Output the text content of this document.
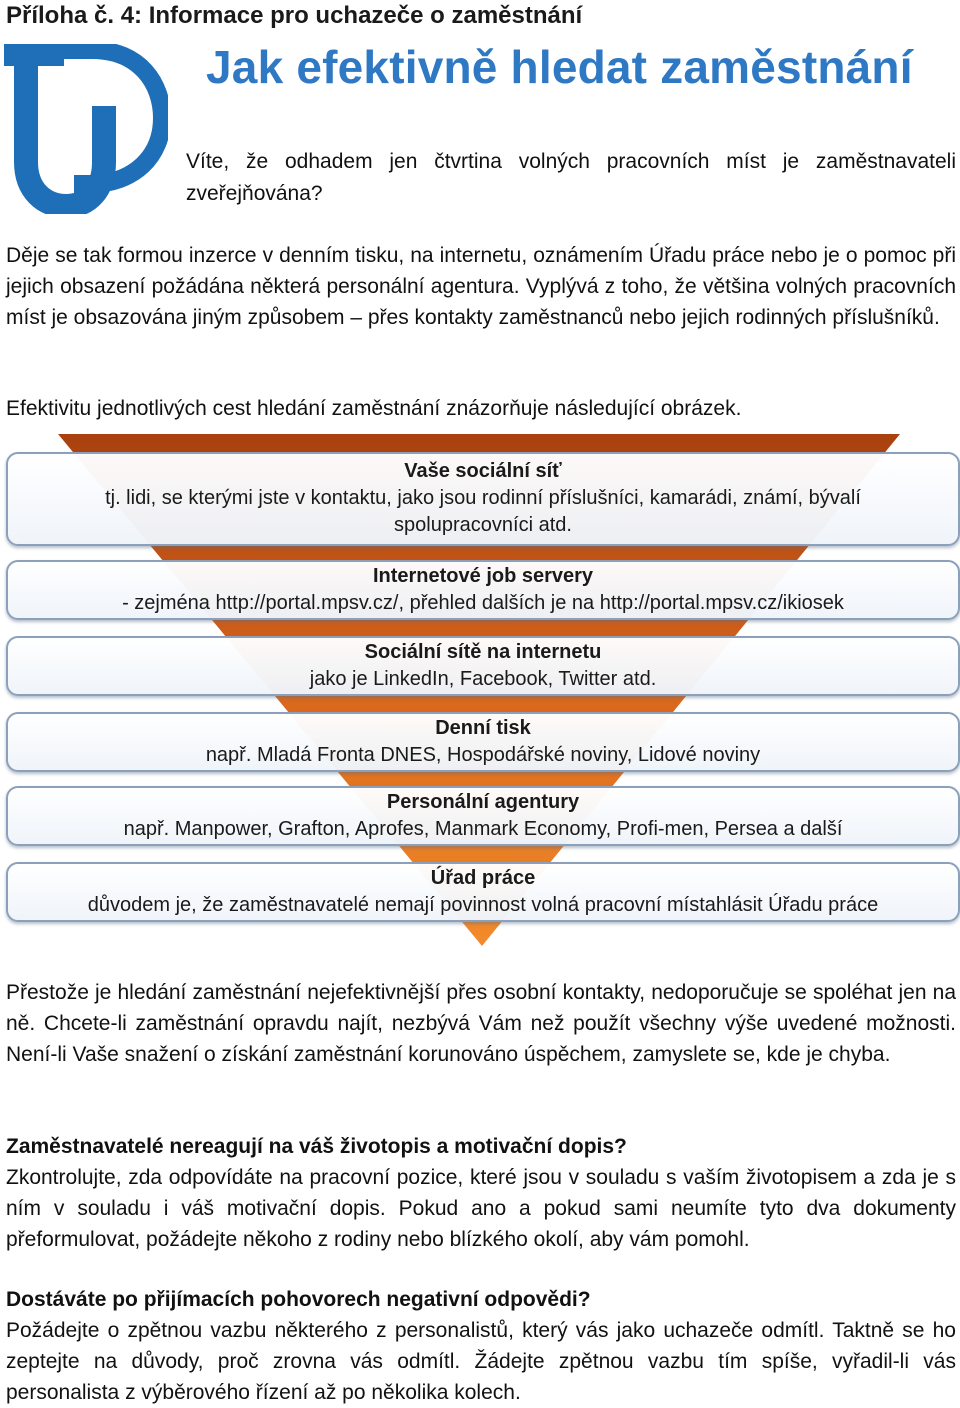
Příloha č. 4: Informace pro uchazeče o zaměstnání
Jak efektivně hledat zaměstnání
Víte, že odhadem jen čtvrtina volných pracovních míst je zaměstnavateli zveřejňována?
Děje se tak formou inzerce v denním tisku, na internetu, oznámením Úřadu práce nebo je o pomoc při jejich obsazení požádána některá personální agentura. Vyplývá z toho, že většina volných pracovních míst je obsazována jiným způsobem – přes kontakty zaměstnanců nebo jejich rodinných příslušníků.
Efektivitu jednotlivých cest hledání zaměstnání znázorňuje následující obrázek.
Vaše sociální síť
tj. lidi, se kterými jste v kontaktu, jako jsou rodinní příslušníci, kamarádi, známí, bývalí spolupracovníci atd.
Internetové job servery
- zejména http://portal.mpsv.cz/, přehled dalších je na http://portal.mpsv.cz/ikiosek
Sociální sítě na internetu
jako je LinkedIn, Facebook, Twitter atd.
Denní tisk
např. Mladá Fronta DNES, Hospodářské noviny, Lidové noviny
Personální agentury
např. Manpower, Grafton, Aprofes, Manmark Economy, Profi-men, Persea a další
Úřad práce
důvodem je, že zaměstnavatelé nemají povinnost volná pracovní místahlásit Úřadu práce
Přestože je hledání zaměstnání nejefektivnější přes osobní kontakty, nedoporučuje se spoléhat jen na ně. Chcete-li zaměstnání opravdu najít, nezbývá Vám než použít všechny výše uvedené možnosti. Není-li Vaše snažení o získání zaměstnání korunováno úspěchem, zamyslete se, kde je chyba.
Zaměstnavatelé nereagují na váš životopis a motivační dopis?
Zkontrolujte, zda odpovídáte na pracovní pozice, které jsou v souladu s vaším životopisem a zda je s ním v souladu i váš motivační dopis. Pokud ano a pokud sami neumíte tyto dva dokumenty přeformulovat, požádejte někoho z rodiny nebo blízkého okolí, aby vám pomohl.
Dostáváte po přijímacích pohovorech negativní odpovědi?
Požádejte o zpětnou vazbu některého z personalistů, který vás jako uchazeče odmítl. Taktně se ho zeptejte na důvody, proč zrovna vás odmítl. Žádejte zpětnou vazbu tím spíše, vyřadil-li vás personalista z výběrového řízení až po několika kolech.
